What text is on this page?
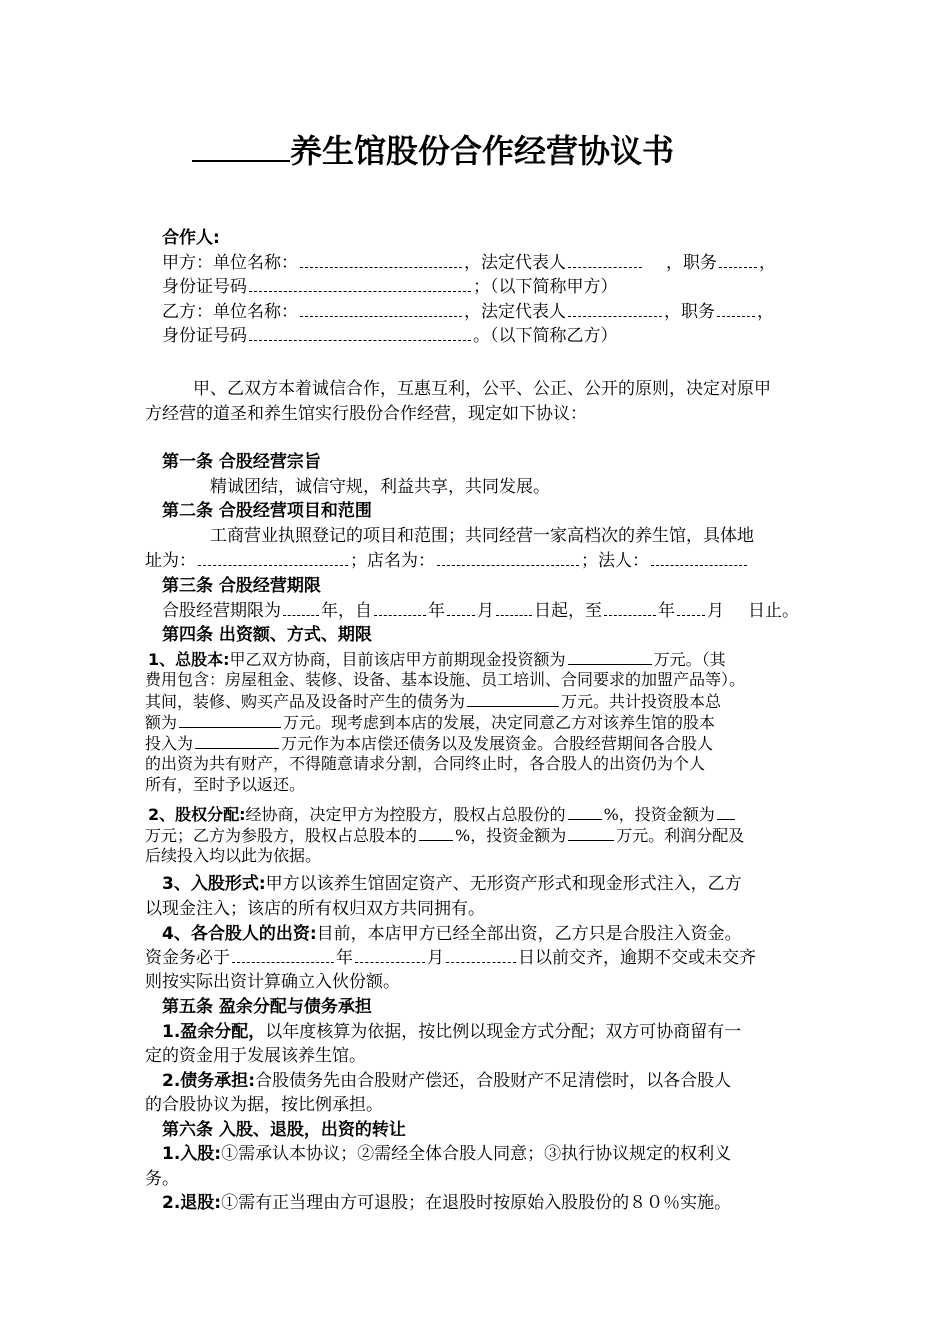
养生馆股份合作经营协议书
合作人:
甲方：单位名称：	，法定代表人	，职务 ，
身份证号码	；（以下简称甲方）
乙方：单位名称：	，法定代表人	，职务 ，
身份证号码	。（以下简称乙方）
甲、乙双方本着诚信合作，互惠互利，公平、公正、公开的原则，决定对原甲
方经营的道圣和养生馆实行股份合作经营，现定如下协议：
第一条 合股经营宗旨
精诚团结，诚信守规，利益共享，共同发展。
第二条 合股经营项目和范围
工商营业执照登记的项目和范围；共同经营一家高档次的养生馆，具体地
址为：	；店名为：	；法人：
第三条 合股经营期限
合股经营期限为 年，自	年 月 日起，至	年 月 日止。
第四条 出资额、方式、期限
1、总股本:甲乙双方协商，目前该店甲方前期现金投资额为	万元。（其
费用包含：房屋租金、装修、设备、基本设施、员工培训、合同要求的加盟产品等）。
其间，装修、购买产品及设备时产生的债务为	万元。共计投资股本总
额为	万元。现考虑到本店的发展，决定同意乙方对该养生馆的股本
投入为	万元作为本店偿还债务以及发展资金。合股经营期间各合股人
的出资为共有财产，不得随意请求分割，合同终止时，各合股人的出资仍为个人
所有，至时予以返还。
2、股权分配:经协商，决定甲方为控股方，股权占总股份的 %，投资金额为
万元；乙方为参股方，股权占总股本的 %，投资金额为	万元。利润分配及
后续投入均以此为依据。
3、入股形式:甲方以该养生馆固定资产、无形资产形式和现金形式注入，乙方
以现金注入；该店的所有权归双方共同拥有。
4、各合股人的出资:目前，本店甲方已经全部出资，乙方只是合股注入资金。
资金务必于	年	月	日以前交齐，逾期不交或未交齐
则按实际出资计算确立入伙份额。
第五条 盈余分配与债务承担
1.盈余分配，以年度核算为依据，按比例以现金方式分配；双方可协商留有一
定的资金用于发展该养生馆。
2.债务承担:合股债务先由合股财产偿还，合股财产不足清偿时，以各合股人
的合股协议为据，按比例承担。
第六条 入股、退股，出资的转让
1.入股:①需承认本协议；②需经全体合股人同意；③执行协议规定的权利义
务。
2.退股:①需有正当理由方可退股；在退股时按原始入股股份的８０％实施。
